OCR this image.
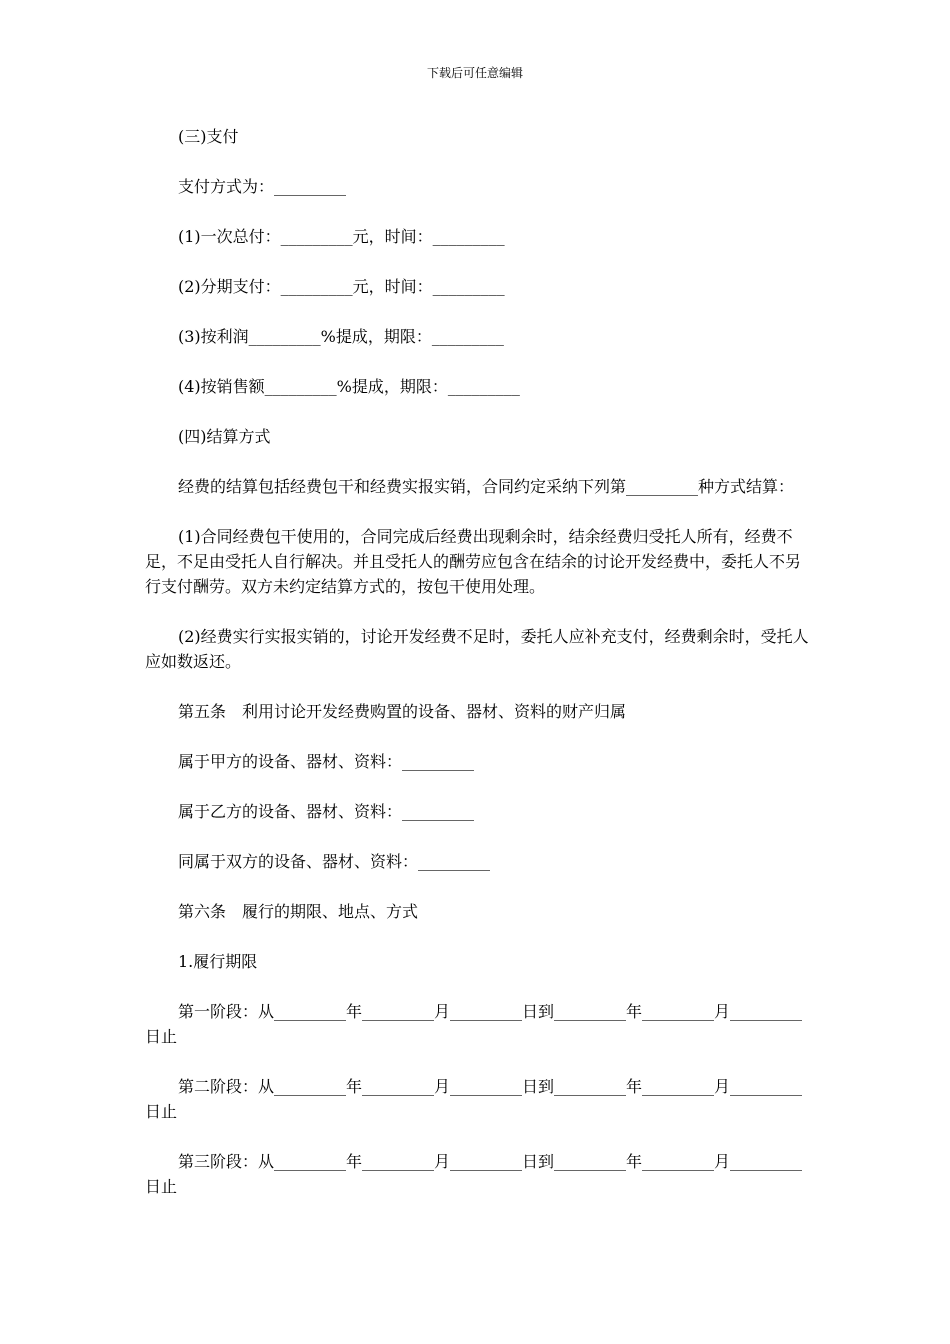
下载后可任意编辑

(三)支付

支付方式为：_________

(1)一次总付：_________元，时间：_________

(2)分期支付：_________元，时间：_________

(3)按利润_________%提成，期限：_________

(4)按销售额_________%提成，期限：_________

(四)结算方式

经费的结算包括经费包干和经费实报实销，合同约定采纳下列第_________种方式结算：

(1)合同经费包干使用的，合同完成后经费出现剩余时，结余经费归受托人所有，经费不足，不足由受托人自行解决。并且受托人的酬劳应包含在结余的讨论开发经费中，委托人不另行支付酬劳。双方未约定结算方式的，按包干使用处理。

(2)经费实行实报实销的，讨论开发经费不足时，委托人应补充支付，经费剩余时，受托人应如数返还。

第五条　利用讨论开发经费购置的设备、器材、资料的财产归属

属于甲方的设备、器材、资料：_________

属于乙方的设备、器材、资料：_________

同属于双方的设备、器材、资料：_________

第六条　履行的期限、地点、方式

1.履行期限

第一阶段：从_________年_________月_________日到_________年_________月_________日止

第二阶段：从_________年_________月_________日到_________年_________月_________日止

第三阶段：从_________年_________月_________日到_________年_________月_________日止
